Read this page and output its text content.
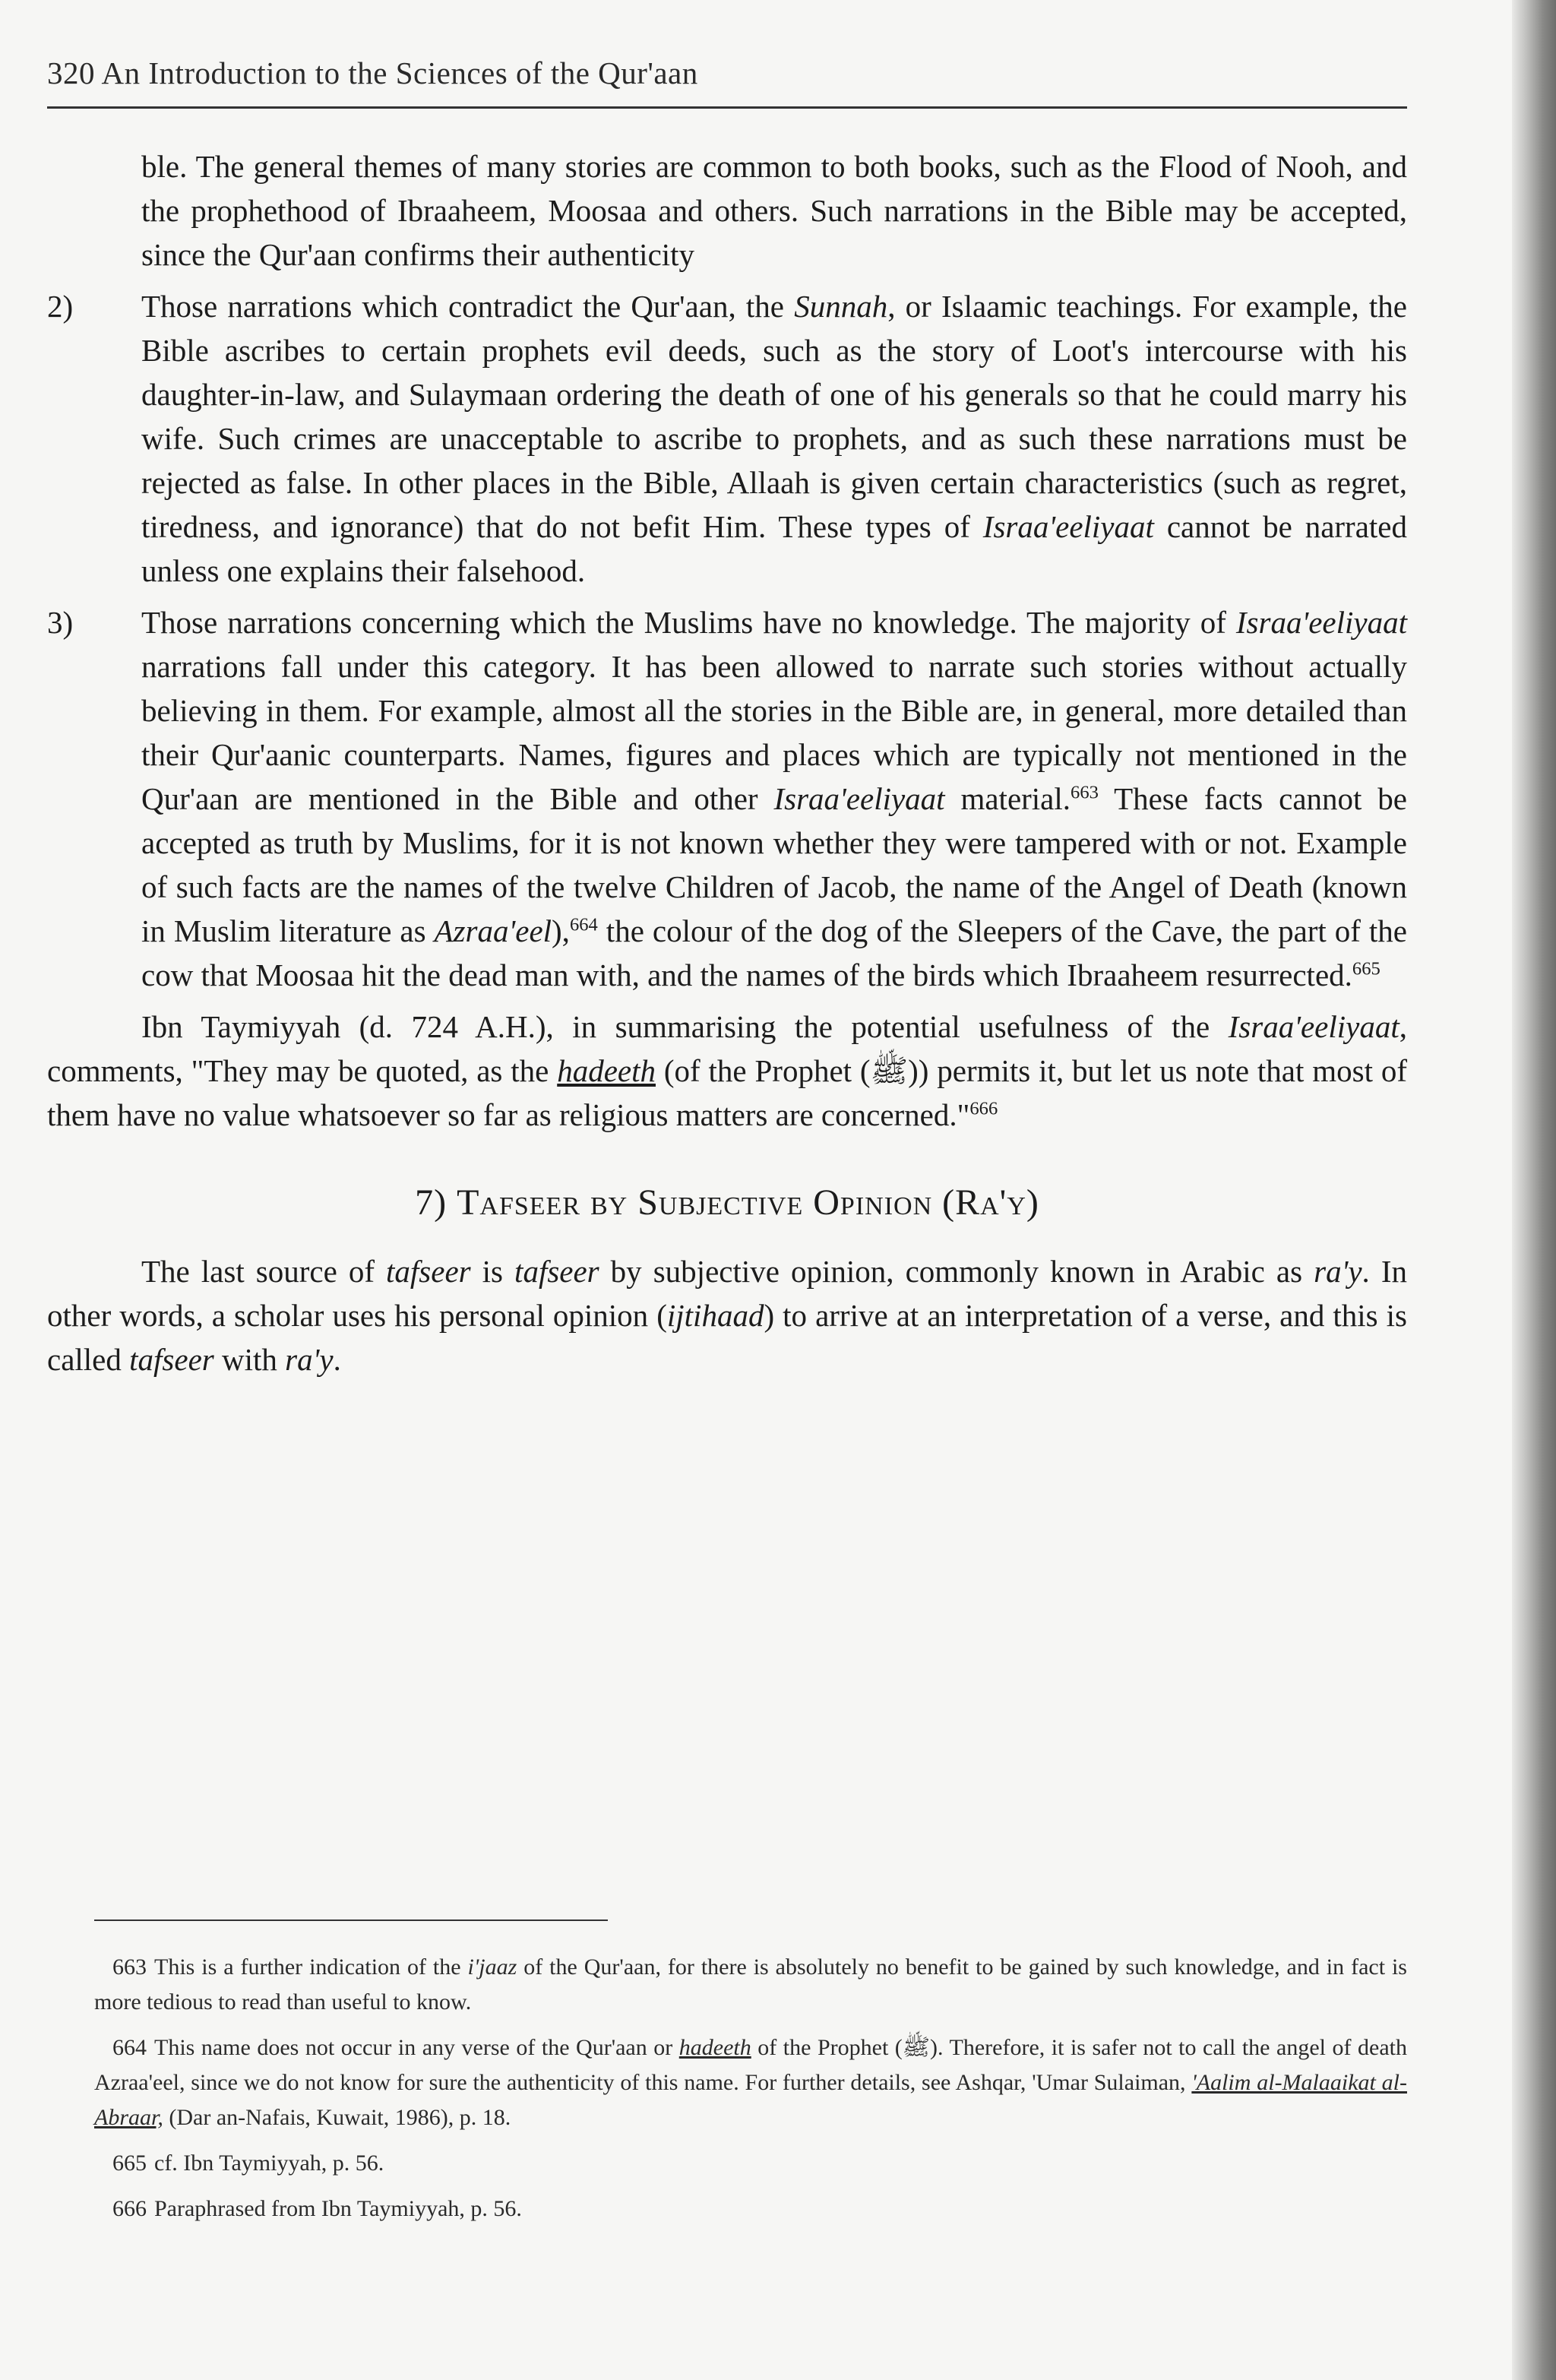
320 An Introduction to the Sciences of the Qur'aan

ble. The general themes of many stories are common to both books, such as the Flood of Nooh, and the prophethood of Ibraaheem, Moosaa and others. Such narrations in the Bible may be accepted, since the Qur'aan confirms their authenticity

2) Those narrations which contradict the Qur'aan, the Sunnah, or Islaamic teachings. For example, the Bible ascribes to certain prophets evil deeds, such as the story of Loot's intercourse with his daughter-in-law, and Sulaymaan ordering the death of one of his generals so that he could marry his wife. Such crimes are unacceptable to ascribe to prophets, and as such these narrations must be rejected as false. In other places in the Bible, Allaah is given certain characteristics (such as regret, tiredness, and ignorance) that do not befit Him. These types of Israa'eeliyaat cannot be narrated unless one explains their falsehood.
3) Those narrations concerning which the Muslims have no knowledge. The majority of Israa'eeliyaat narrations fall under this category. It has been allowed to narrate such stories without actually believing in them. For example, almost all the stories in the Bible are, in general, more detailed than their Qur'aanic counterparts. Names, figures and places which are typically not mentioned in the Qur'aan are mentioned in the Bible and other Israa'eeliyaat material.$^{663}$ These facts cannot be accepted as truth by Muslims, for it is not known whether they were tampered with or not. Example of such facts are the names of the twelve Children of Jacob, the name of the Angel of Death (known in Muslim literature as Azraa'eel),$^{664}$ the colour of the dog of the Sleepers of the Cave, the part of the cow that Moosaa hit the dead man with, and the names of the birds which Ibraaheem resurrected.$^{665}$

Ibn Taymiyyah (d. 724 A.H.), in summarising the potential usefulness of the Israa'eeliyaat, comments, "They may be quoted, as the hadeeth (of the Prophet (ﷺ)) permits it, but let us note that most of them have no value whatsoever so far as religious matters are concerned."$^{666}$

7) Tafseer by Subjective Opinion (Ra'y)

The last source of tafseer is tafseer by subjective opinion, commonly known in Arabic as ra'y. In other words, a scholar uses his personal opinion (ijtihaad) to arrive at an interpretation of a verse, and this is called tafseer with ra'y.

663 This is a further indication of the i'jaaz of the Qur'aan, for there is absolutely no benefit to be gained by such knowledge, and in fact is more tedious to read than useful to know.

664 This name does not occur in any verse of the Qur'aan or hadeeth of the Prophet (ﷺ). Therefore, it is safer not to call the angel of death Azraa'eel, since we do not know for sure the authenticity of this name. For further details, see Ashqar, 'Umar Sulaiman, 'Aalim al-Malaaikat al-Abraar, (Dar an-Nafais, Kuwait, 1986), p. 18.

665 cf. Ibn Taymiyyah, p. 56.

666 Paraphrased from Ibn Taymiyyah, p. 56.
